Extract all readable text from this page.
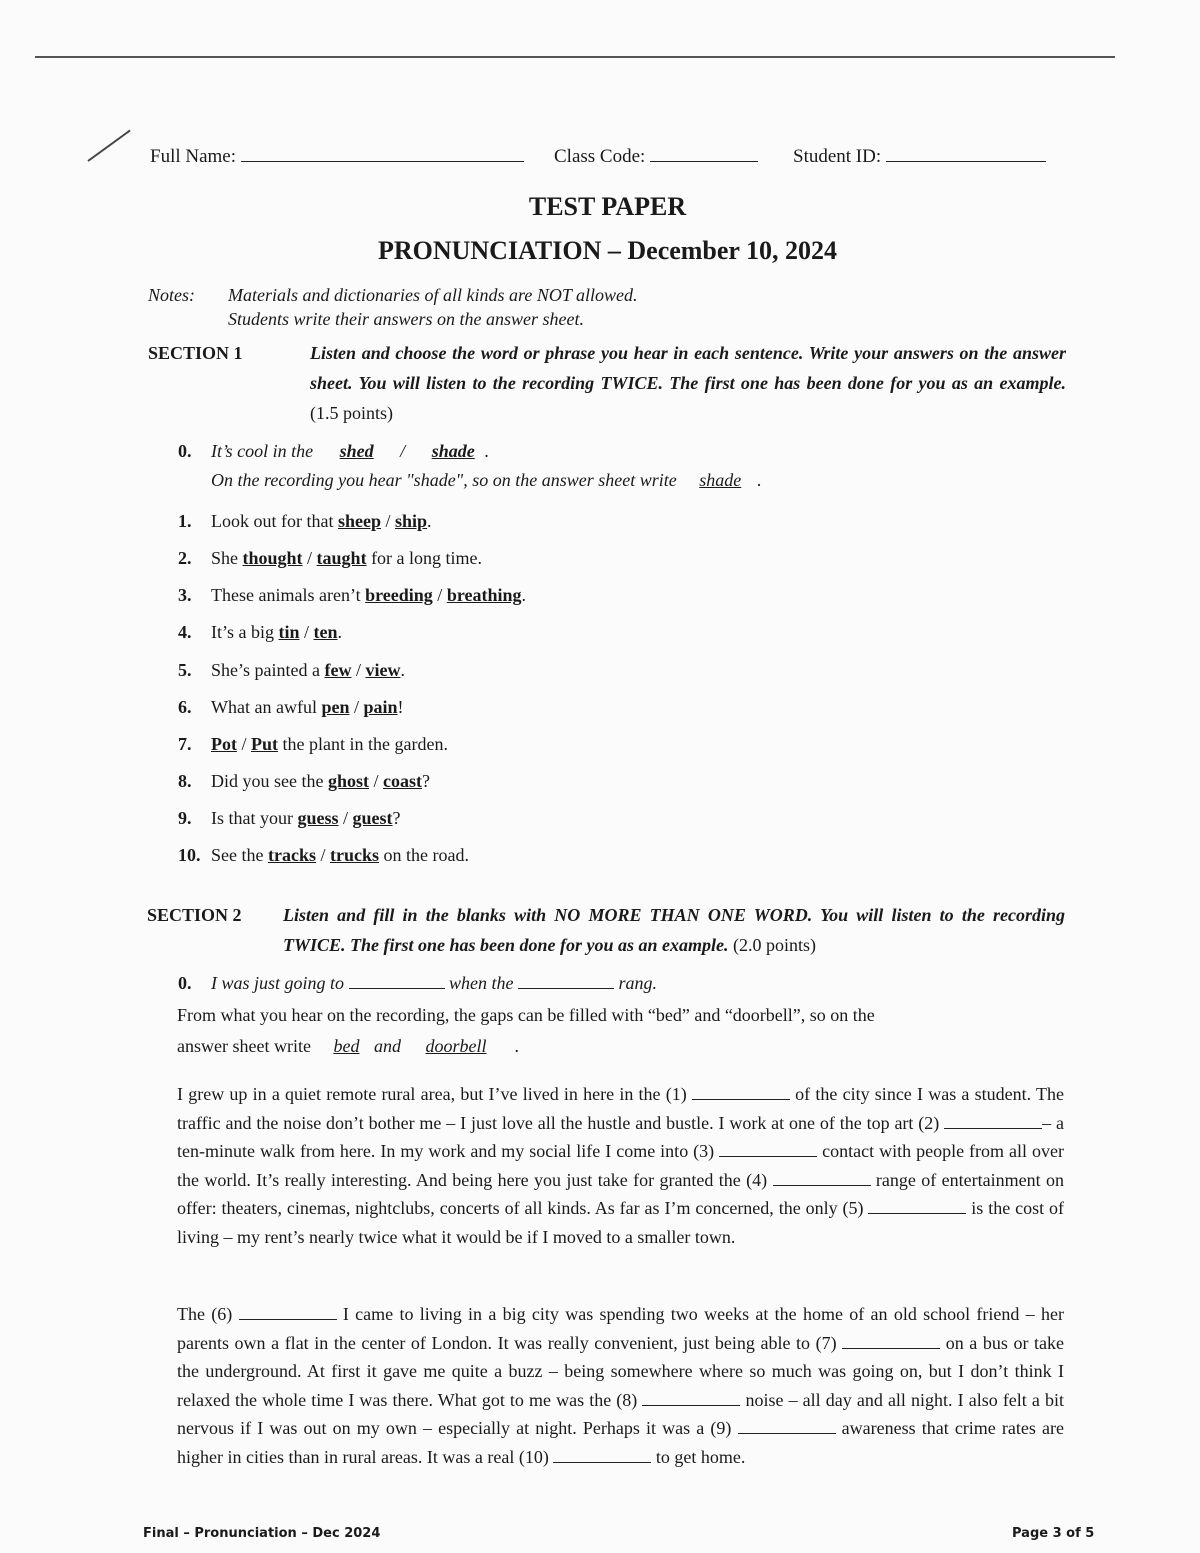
Full Name:	Class Code:	Student ID:
TEST PAPER
PRONUNCIATION – December 10, 2024
Notes: Materials and dictionaries of all kinds are NOT allowed.
Students write their answers on the answer sheet.
SECTION 1	Listen and choose the word or phrase you hear in each sentence. Write your answers on the answer sheet. You will listen to the recording TWICE. The first one has been done for you as an example. (1.5 points)
0. It’s cool in the shed / shade .
On the recording you hear "shade", so on the answer sheet write shade .
1. Look out for that sheep / ship.
2. She thought / taught for a long time.
3. These animals aren’t breeding / breathing.
4. It’s a big tin / ten.
5. She’s painted a few / view.
6. What an awful pen / pain!
7. Pot / Put the plant in the garden.
8. Did you see the ghost / coast?
9. Is that your guess / guest?
10. See the tracks / trucks on the road.
SECTION 2 Listen and fill in the blanks with NO MORE THAN ONE WORD. You will listen to the recording TWICE. The first one has been done for you as an example. (2.0 points)
0. I was just going to	when the	rang.
From what you hear on the recording, the gaps can be filled with “bed” and “doorbell”, so on the
answer sheet write bed and doorbell .
I grew up in a quiet remote rural area, but I’ve lived in here in the (1)	of the city since I was a student. The traffic and the noise don’t bother me – I just love all the hustle and bustle. I work at one of the top art (2)	– a ten-minute walk from here. In my work and my social life I come into (3)	contact with people from all over the world. It’s really interesting. And being here you just take for granted the (4)	range of entertainment on offer: theaters, cinemas, nightclubs, concerts of all kinds. As far as I’m concerned, the only (5)	is the cost of living – my rent’s nearly twice what it would be if I moved to a smaller town.
The (6)	I came to living in a big city was spending two weeks at the home of an old school friend – her parents own a flat in the center of London. It was really convenient, just being able to (7)	on a bus or take the underground. At first it gave me quite a buzz – being somewhere where so much was going on, but I don’t think I relaxed the whole time I was there. What got to me was the (8)	noise – all day and all night. I also felt a bit nervous if I was out on my own – especially at night. Perhaps it was a (9)	awareness that crime rates are higher in cities than in rural areas. It was a real (10)	to get home.
Final – Pronunciation – Dec 2024	Page 3 of 5
